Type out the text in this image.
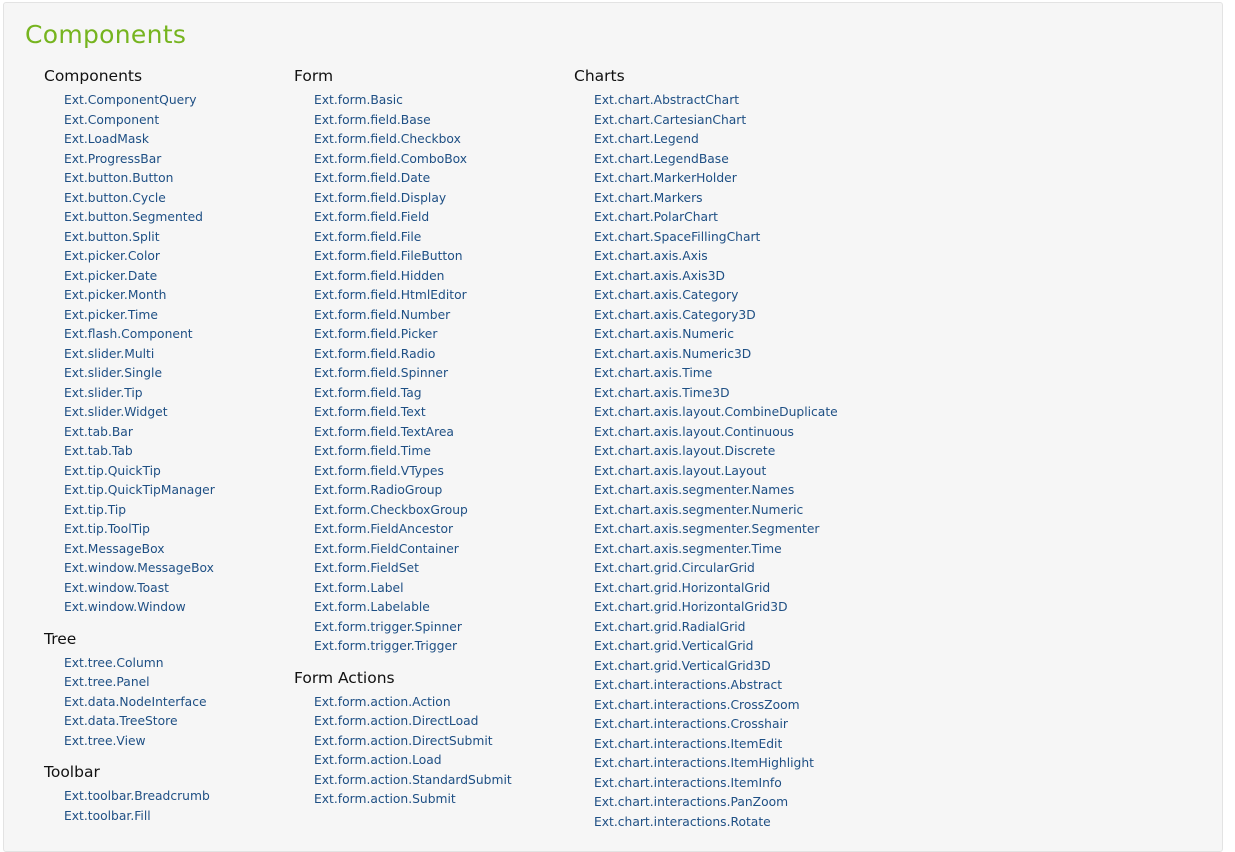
Components
Components
Ext.ComponentQuery
Ext.Component
Ext.LoadMask
Ext.ProgressBar
Ext.button.Button
Ext.button.Cycle
Ext.button.Segmented
Ext.button.Split
Ext.picker.Color
Ext.picker.Date
Ext.picker.Month
Ext.picker.Time
Ext.flash.Component
Ext.slider.Multi
Ext.slider.Single
Ext.slider.Tip
Ext.slider.Widget
Ext.tab.Bar
Ext.tab.Tab
Ext.tip.QuickTip
Ext.tip.QuickTipManager
Ext.tip.Tip
Ext.tip.ToolTip
Ext.MessageBox
Ext.window.MessageBox
Ext.window.Toast
Ext.window.Window
Tree
Ext.tree.Column
Ext.tree.Panel
Ext.data.NodeInterface
Ext.data.TreeStore
Ext.tree.View
Toolbar
Ext.toolbar.Breadcrumb
Ext.toolbar.Fill
Form
Ext.form.Basic
Ext.form.field.Base
Ext.form.field.Checkbox
Ext.form.field.ComboBox
Ext.form.field.Date
Ext.form.field.Display
Ext.form.field.Field
Ext.form.field.File
Ext.form.field.FileButton
Ext.form.field.Hidden
Ext.form.field.HtmlEditor
Ext.form.field.Number
Ext.form.field.Picker
Ext.form.field.Radio
Ext.form.field.Spinner
Ext.form.field.Tag
Ext.form.field.Text
Ext.form.field.TextArea
Ext.form.field.Time
Ext.form.field.VTypes
Ext.form.RadioGroup
Ext.form.CheckboxGroup
Ext.form.FieldAncestor
Ext.form.FieldContainer
Ext.form.FieldSet
Ext.form.Label
Ext.form.Labelable
Ext.form.trigger.Spinner
Ext.form.trigger.Trigger
Form Actions
Ext.form.action.Action
Ext.form.action.DirectLoad
Ext.form.action.DirectSubmit
Ext.form.action.Load
Ext.form.action.StandardSubmit
Ext.form.action.Submit
Charts
Ext.chart.AbstractChart
Ext.chart.CartesianChart
Ext.chart.Legend
Ext.chart.LegendBase
Ext.chart.MarkerHolder
Ext.chart.Markers
Ext.chart.PolarChart
Ext.chart.SpaceFillingChart
Ext.chart.axis.Axis
Ext.chart.axis.Axis3D
Ext.chart.axis.Category
Ext.chart.axis.Category3D
Ext.chart.axis.Numeric
Ext.chart.axis.Numeric3D
Ext.chart.axis.Time
Ext.chart.axis.Time3D
Ext.chart.axis.layout.CombineDuplicate
Ext.chart.axis.layout.Continuous
Ext.chart.axis.layout.Discrete
Ext.chart.axis.layout.Layout
Ext.chart.axis.segmenter.Names
Ext.chart.axis.segmenter.Numeric
Ext.chart.axis.segmenter.Segmenter
Ext.chart.axis.segmenter.Time
Ext.chart.grid.CircularGrid
Ext.chart.grid.HorizontalGrid
Ext.chart.grid.HorizontalGrid3D
Ext.chart.grid.RadialGrid
Ext.chart.grid.VerticalGrid
Ext.chart.grid.VerticalGrid3D
Ext.chart.interactions.Abstract
Ext.chart.interactions.CrossZoom
Ext.chart.interactions.Crosshair
Ext.chart.interactions.ItemEdit
Ext.chart.interactions.ItemHighlight
Ext.chart.interactions.ItemInfo
Ext.chart.interactions.PanZoom
Ext.chart.interactions.Rotate
